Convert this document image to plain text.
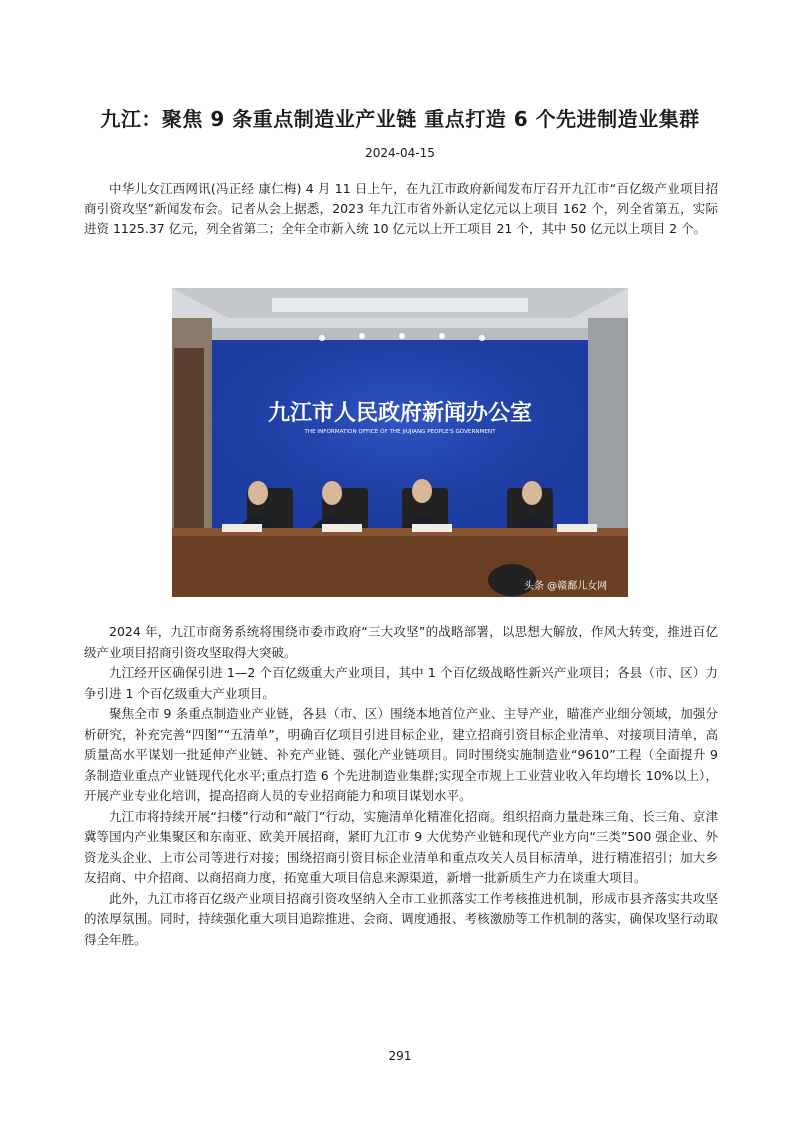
九江：聚焦 9 条重点制造业产业链 重点打造 6 个先进制造业集群
2024-04-15

中华儿女江西网讯(冯正经 康仁梅) 4 月 11 日上午，在九江市政府新闻发布厅召开九江市“百亿级产业项目招商引资攻坚”新闻发布会。记者从会上据悉，2023 年九江市省外新认定亿元以上项目 162 个，列全省第五，实际进资 1125.37 亿元，列全省第二；全年全市新入统 10 亿元以上开工项目 21 个，其中 50 亿元以上项目 2 个。

九江市人民政府新闻办公室
THE INFORMATION OFFICE OF THE JIUJIANG PEOPLE'S GOVERNMENT
头条 @赣鄱儿女网

2024 年，九江市商务系统将围绕市委市政府“三大攻坚”的战略部署，以思想大解放，作风大转变，推进百亿级产业项目招商引资攻坚取得大突破。

九江经开区确保引进 1—2 个百亿级重大产业项目，其中 1 个百亿级战略性新兴产业项目；各县（市、区）力争引进 1 个百亿级重大产业项目。

聚焦全市 9 条重点制造业产业链，各县（市、区）围绕本地首位产业、主导产业，瞄准产业细分领域，加强分析研究，补充完善“四图”“五清单”，明确百亿项目引进目标企业，建立招商引资目标企业清单、对接项目清单，高质量高水平谋划一批延伸产业链、补充产业链、强化产业链项目。同时围绕实施制造业“9610”工程（全面提升 9 条制造业重点产业链现代化水平;重点打造 6 个先进制造业集群;实现全市规上工业营业收入年均增长 10%以上），开展产业专业化培训，提高招商人员的专业招商能力和项目谋划水平。

九江市将持续开展“扫楼”行动和“敲门”行动，实施清单化精准化招商。组织招商力量赴珠三角、长三角、京津冀等国内产业集聚区和东南亚、欧美开展招商，紧盯九江市 9 大优势产业链和现代产业方向“三类”500 强企业、外资龙头企业、上市公司等进行对接；围绕招商引资目标企业清单和重点攻关人员目标清单，进行精准招引；加大乡友招商、中介招商、以商招商力度，拓宽重大项目信息来源渠道，新增一批新质生产力在谈重大项目。

此外，九江市将百亿级产业项目招商引资攻坚纳入全市工业抓落实工作考核推进机制，形成市县齐落实共攻坚的浓厚氛围。同时，持续强化重大项目追踪推进、会商、调度通报、考核激励等工作机制的落实，确保攻坚行动取得全年胜。

291
